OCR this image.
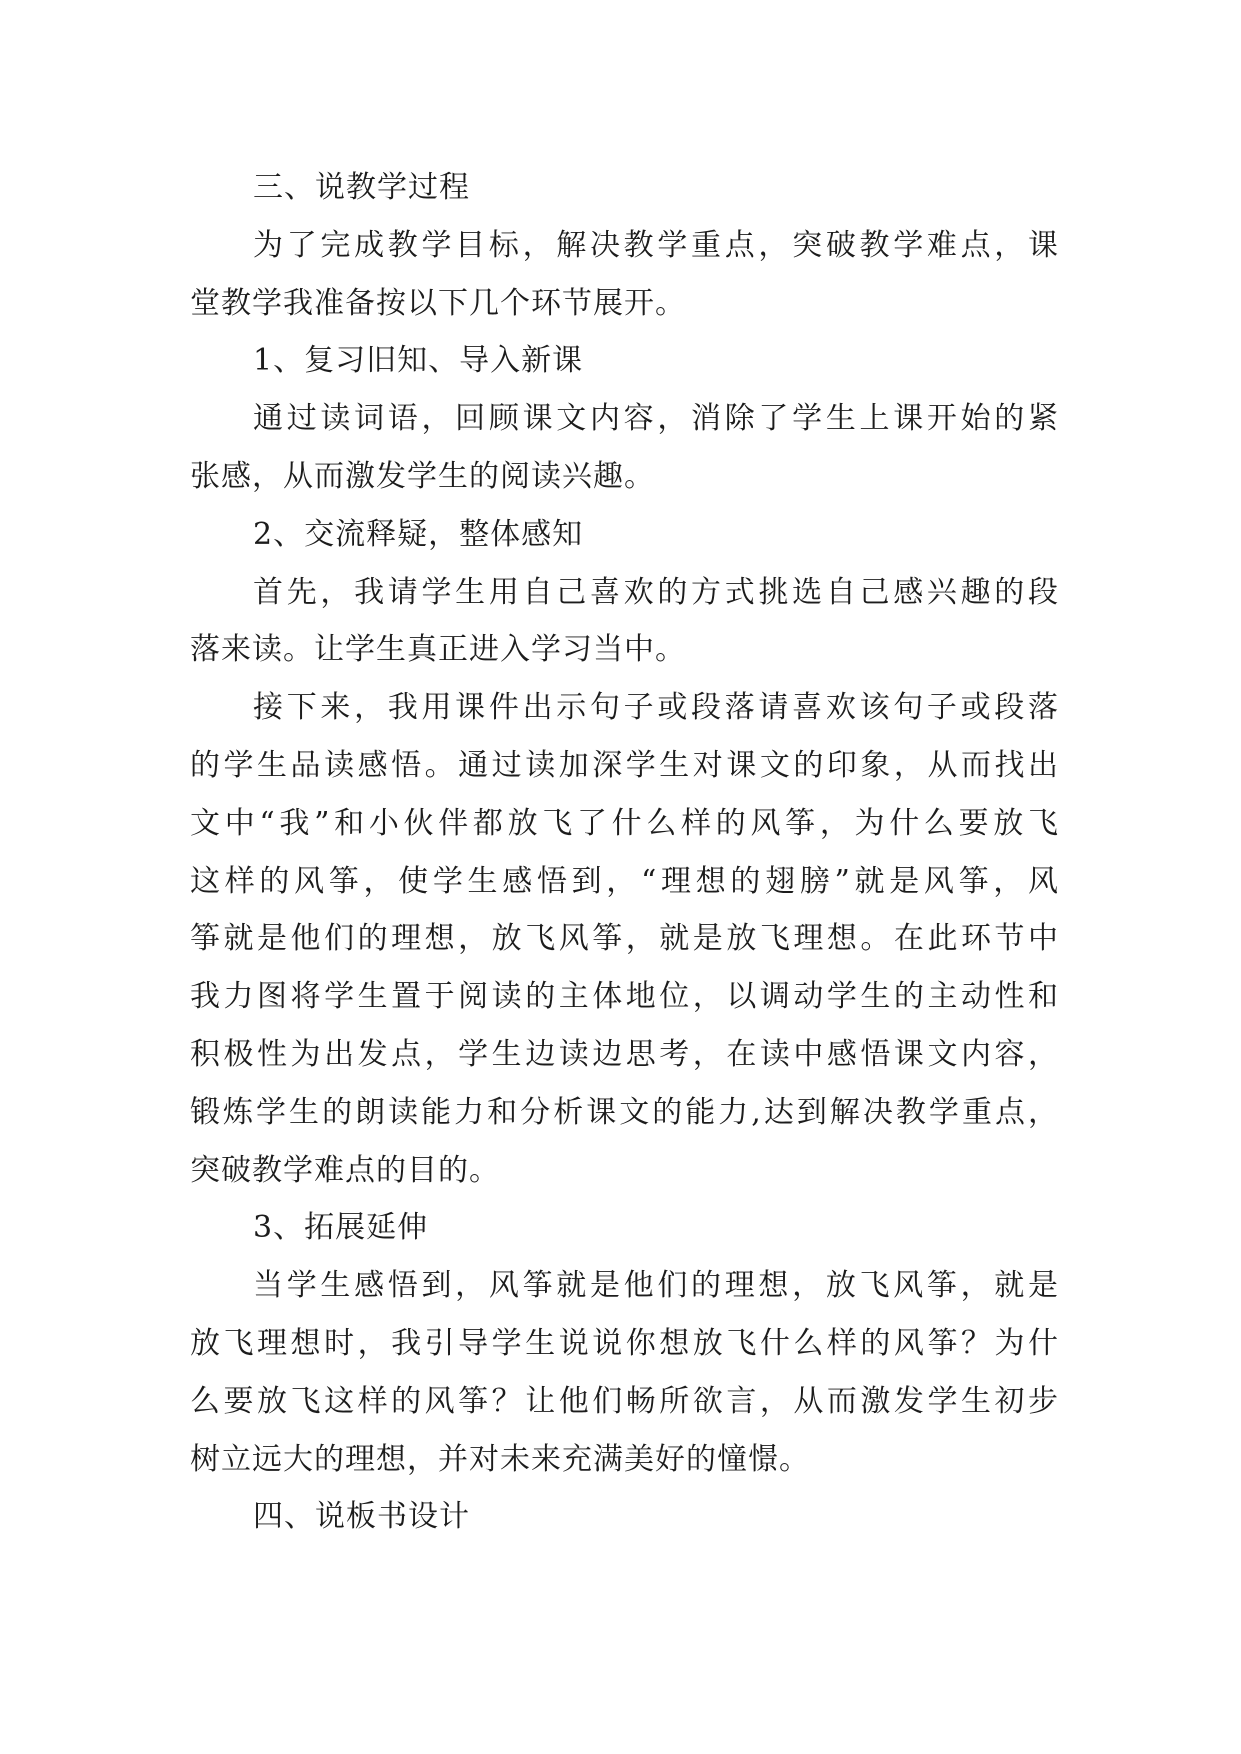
三、说教学过程
为了完成教学目标，解决教学重点，突破教学难点，课
堂教学我准备按以下几个环节展开。
1、复习旧知、导入新课
通过读词语，回顾课文内容，消除了学生上课开始的紧
张感，从而激发学生的阅读兴趣。
2、交流释疑，整体感知
首先，我请学生用自己喜欢的方式挑选自己感兴趣的段
落来读。让学生真正进入学习当中。
接下来，我用课件出示句子或段落请喜欢该句子或段落
的学生品读感悟。通过读加深学生对课文的印象，从而找出
文中“我”和小伙伴都放飞了什么样的风筝，为什么要放飞
这样的风筝，使学生感悟到，“理想的翅膀”就是风筝，风
筝就是他们的理想，放飞风筝，就是放飞理想。在此环节中
我力图将学生置于阅读的主体地位，以调动学生的主动性和
积极性为出发点，学生边读边思考，在读中感悟课文内容，
锻炼学生的朗读能力和分析课文的能力,达到解决教学重点，
突破教学难点的目的。
3、拓展延伸
当学生感悟到，风筝就是他们的理想，放飞风筝，就是
放飞理想时，我引导学生说说你想放飞什么样的风筝？为什
么要放飞这样的风筝？让他们畅所欲言，从而激发学生初步
树立远大的理想，并对未来充满美好的憧憬。
四、说板书设计
